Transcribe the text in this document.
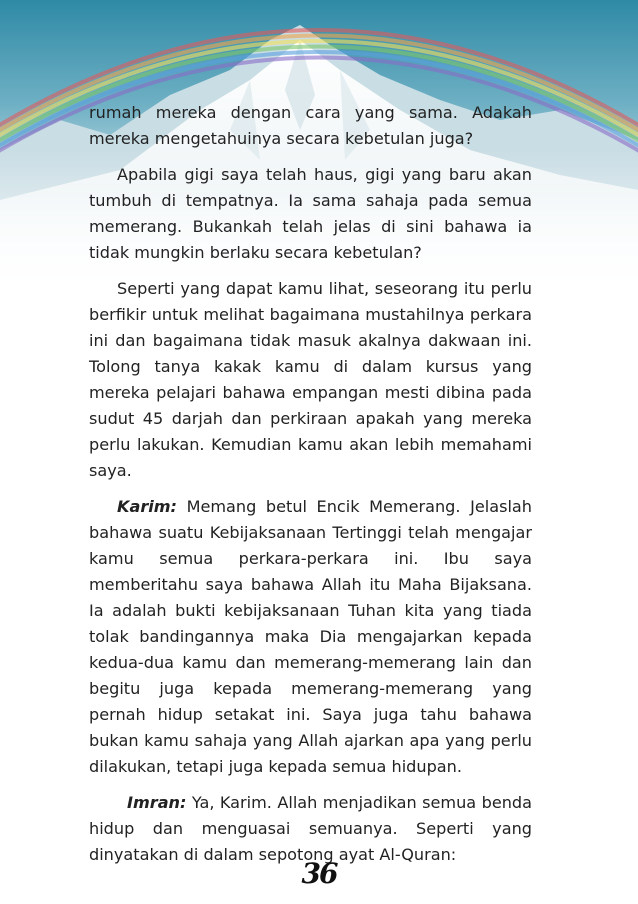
rumah mereka dengan cara yang sama. Adakah
mereka mengetahuinya secara kebetulan juga?

Apabila gigi saya telah haus, gigi yang baru akan tumbuh di tempatnya. Ia sama sahaja pada semua memerang. Bukankah telah jelas di sini bahawa ia tidak mungkin berlaku secara kebetulan?

Seperti yang dapat kamu lihat, seseorang itu perlu berfikir untuk melihat bagaimana mustahilnya perkara ini dan bagaimana tidak masuk akalnya dakwaan ini. Tolong tanya kakak kamu di dalam kursus yang mereka pelajari bahawa empangan mesti dibina pada sudut 45 darjah dan perkiraan apakah yang mereka perlu lakukan. Kemudian kamu akan lebih memahami saya.

Karim: Memang betul Encik Memerang. Jelaslah bahawa suatu Kebijaksanaan Tertinggi telah mengajar kamu semua perkara-perkara ini. Ibu saya memberitahu saya bahawa Allah itu Maha Bijaksana. Ia adalah bukti kebijaksanaan Tuhan kita yang tiada tolak bandingannya maka Dia mengajarkan kepada kedua-dua kamu dan memerang-memerang lain dan begitu juga kepada memerang-memerang yang pernah hidup setakat ini. Saya juga tahu bahawa bukan kamu sahaja yang Allah ajarkan apa yang perlu dilakukan, tetapi juga kepada semua hidupan.

Imran: Ya, Karim. Allah menjadikan semua benda hidup dan menguasai semuanya. Seperti yang dinyatakan di dalam sepotong ayat Al-Quran:

36
